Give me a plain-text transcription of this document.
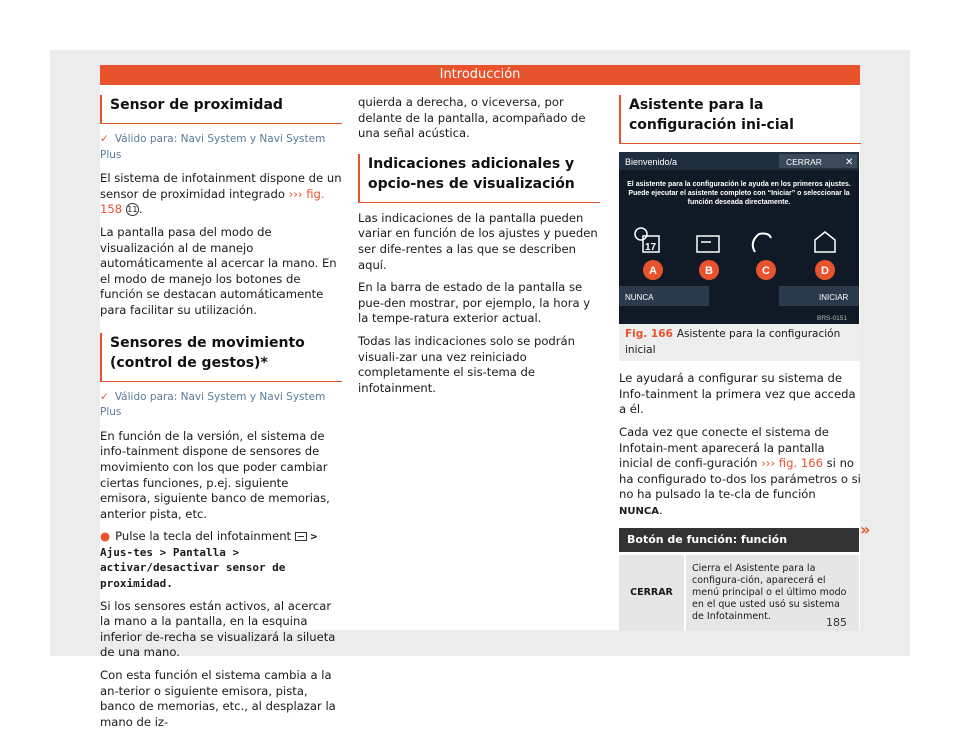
Introducción
Sensor de proximidad
✓ Válido para: Navi System y Navi System Plus

El sistema de infotainment dispone de un sensor de proximidad integrado ››› fig. 158 11.

La pantalla pasa del modo de visualización al de manejo automáticamente al acercar la mano. En el modo de manejo los botones de función se destacan automáticamente para facilitar su utilización.

Sensores de movimiento (control de gestos)*
✓ Válido para: Navi System y Navi System Plus

En función de la versión, el sistema de info-tainment dispone de sensores de movimiento con los que poder cambiar ciertas funciones, p.ej. siguiente emisora, siguiente banco de memorias, anterior pista, etc.

● Pulse la tecla del infotainment > Ajus-tes > Pantalla > activar/desactivar sensor de proximidad.

Si los sensores están activos, al acercar la mano a la pantalla, en la esquina inferior de-recha se visualizará la silueta de una mano.

Con esta función el sistema cambia a la an-terior o siguiente emisora, pista, banco de memorias, etc., al desplazar la mano de iz-

quierda a derecha, o viceversa, por delante de la pantalla, acompañado de una señal acústica.

Indicaciones adicionales y opcio-nes de visualización

Las indicaciones de la pantalla pueden variar en función de los ajustes y pueden ser dife-rentes a las que se describen aquí.

En la barra de estado de la pantalla se pue-den mostrar, por ejemplo, la hora y la tempe-ratura exterior actual.

Todas las indicaciones solo se podrán visuali-zar una vez reiniciado completamente el sis-tema de infotainment.

Asistente para la configuración ini-cial
Bienvenido/a	CERRAR ✕
El asistente para la configuración le ayuda en los primeros ajustes. Puede ejecutar el asistente completo con “Iniciar” o seleccionar la función deseada directamente.
17
A	B	C	D
NUNCA	INICIAR
BRS-0151
Fig. 166 Asistente para la configuración inicial

Le ayudará a configurar su sistema de Info-tainment la primera vez que acceda a él.

Cada vez que conecte el sistema de Infotain-ment aparecerá la pantalla inicial de confi-guración ››› fig. 166 si no ha configurado to-dos los parámetros o si no ha pulsado la te-cla de función NUNCA.

Botón de función: función
CERRAR	Cierra el Asistente para la configura-ción, aparecerá el menú principal o el último modo en el que usted usó su sistema de Infotainment.
»
185
